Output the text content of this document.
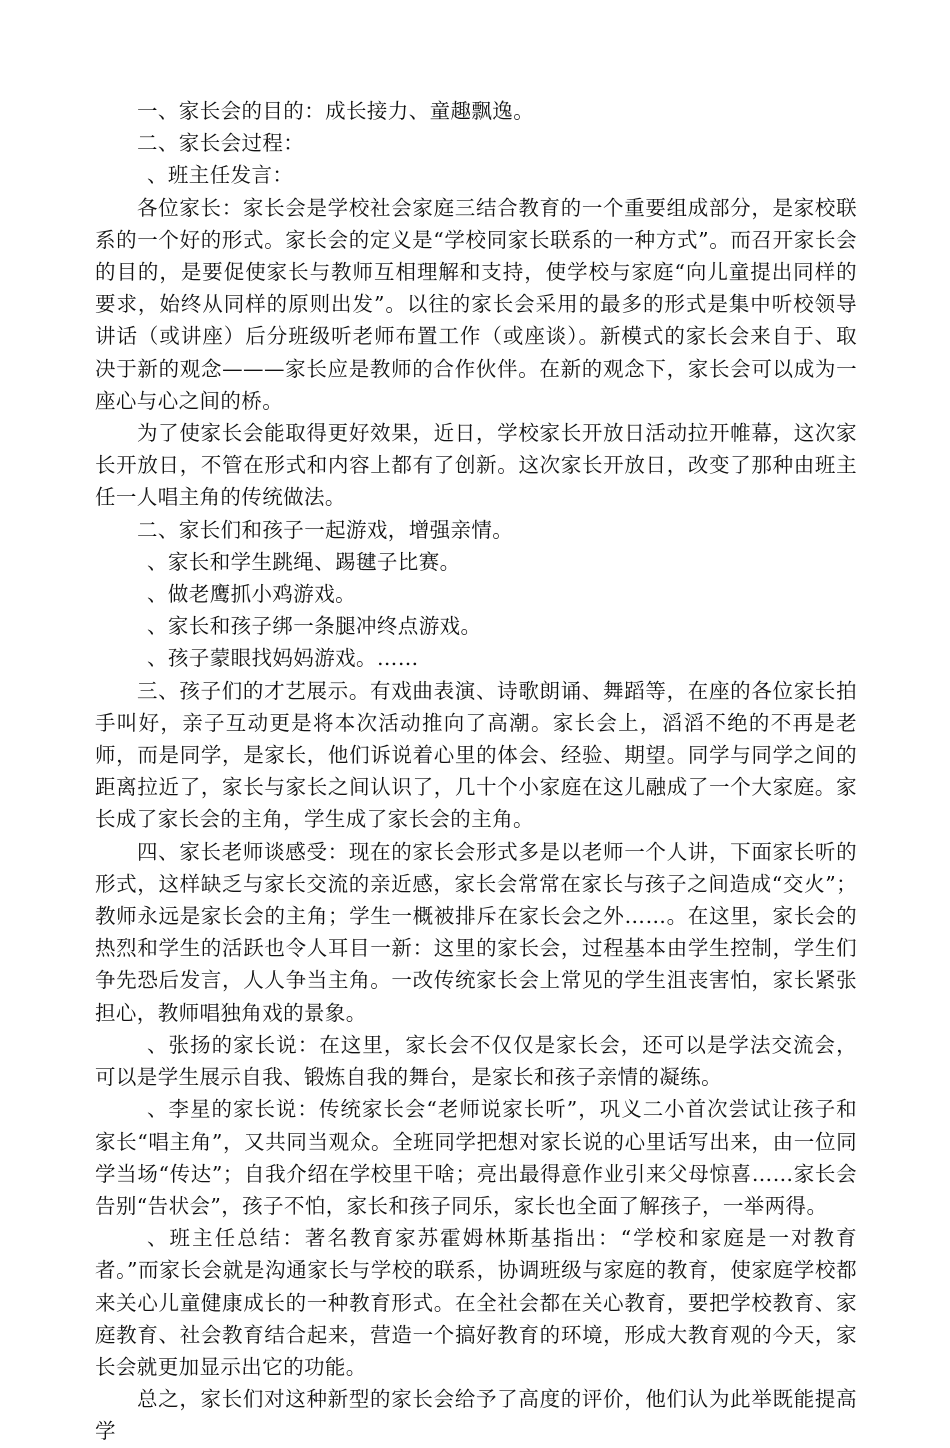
一、家长会的目的：成长接力、童趣飘逸。

二、家长会过程：

、班主任发言：

各位家长：家长会是学校社会家庭三结合教育的一个重要组成部分，是家校联系的一个好的形式。家长会的定义是“学校同家长联系的一种方式”。而召开家长会的目的，是要促使家长与教师互相理解和支持，使学校与家庭“向儿童提出同样的要求，始终从同样的原则出发”。以往的家长会采用的最多的形式是集中听校领导讲话（或讲座）后分班级听老师布置工作（或座谈）。新模式的家长会来自于、取决于新的观念———家长应是教师的合作伙伴。在新的观念下，家长会可以成为一座心与心之间的桥。

为了使家长会能取得更好效果，近日，学校家长开放日活动拉开帷幕，这次家长开放日，不管在形式和内容上都有了创新。这次家长开放日，改变了那种由班主任一人唱主角的传统做法。

二、家长们和孩子一起游戏，增强亲情。

、家长和学生跳绳、踢毽子比赛。

、做老鹰抓小鸡游戏。

、家长和孩子绑一条腿冲终点游戏。

、孩子蒙眼找妈妈游戏。……

三、孩子们的才艺展示。有戏曲表演、诗歌朗诵、舞蹈等，在座的各位家长拍手叫好，亲子互动更是将本次活动推向了高潮。家长会上，滔滔不绝的不再是老师，而是同学，是家长，他们诉说着心里的体会、经验、期望。同学与同学之间的距离拉近了，家长与家长之间认识了，几十个小家庭在这儿融成了一个大家庭。家长成了家长会的主角，学生成了家长会的主角。

四、家长老师谈感受：现在的家长会形式多是以老师一个人讲，下面家长听的形式，这样缺乏与家长交流的亲近感，家长会常常在家长与孩子之间造成“交火”；教师永远是家长会的主角；学生一概被排斥在家长会之外……。在这里，家长会的热烈和学生的活跃也令人耳目一新：这里的家长会，过程基本由学生控制，学生们争先恐后发言，人人争当主角。一改传统家长会上常见的学生沮丧害怕，家长紧张担心，教师唱独角戏的景象。

、张扬的家长说：在这里，家长会不仅仅是家长会，还可以是学法交流会，可以是学生展示自我、锻炼自我的舞台，是家长和孩子亲情的凝练。

、李星的家长说：传统家长会“老师说家长听”，巩义二小首次尝试让孩子和家长“唱主角”，又共同当观众。全班同学把想对家长说的心里话写出来，由一位同学当场“传达”；自我介绍在学校里干啥；亮出最得意作业引来父母惊喜……家长会告别“告状会”，孩子不怕，家长和孩子同乐，家长也全面了解孩子，一举两得。

、班主任总结：著名教育家苏霍姆林斯基指出：“学校和家庭是一对教育者。”而家长会就是沟通家长与学校的联系，协调班级与家庭的教育，使家庭学校都来关心儿童健康成长的一种教育形式。在全社会都在关心教育，要把学校教育、家庭教育、社会教育结合起来，营造一个搞好教育的环境，形成大教育观的今天，家长会就更加显示出它的功能。

总之，家长们对这种新型的家长会给予了高度的评价，他们认为此举既能提高学
